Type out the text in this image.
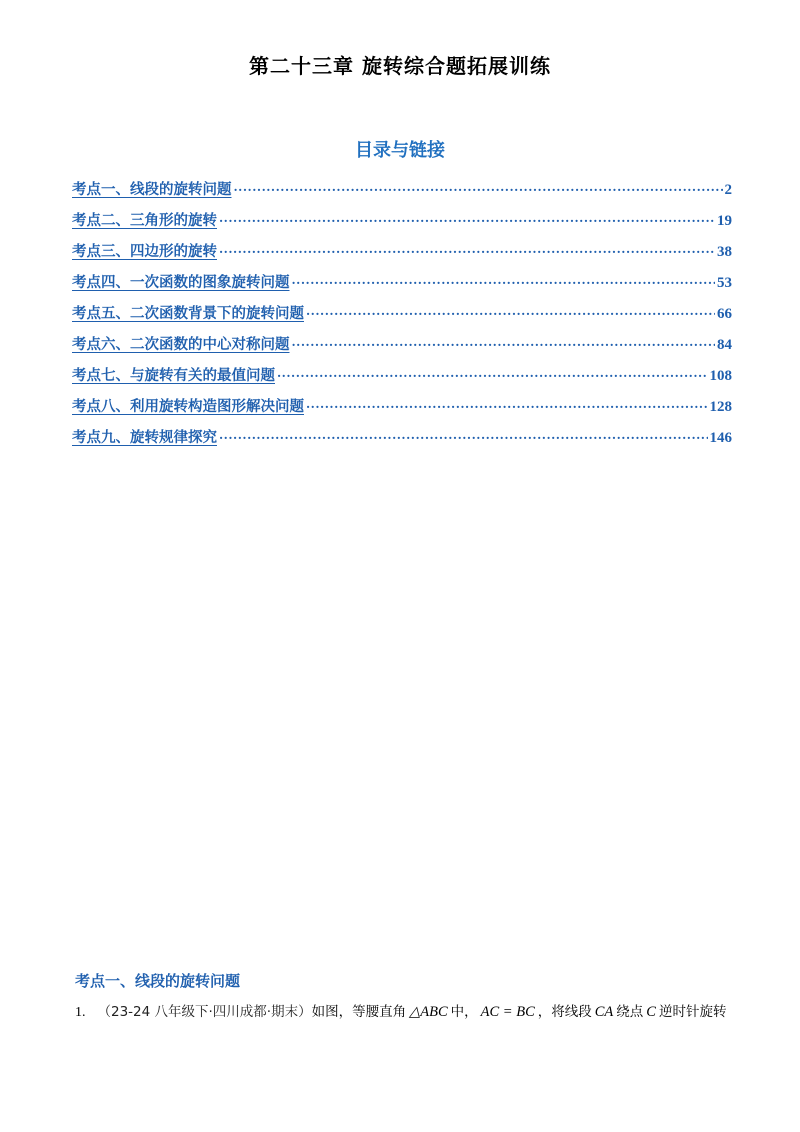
第二十三章 旋转综合题拓展训练
目录与链接
考点一、线段的旋转问题 ·····	2
考点二、三角形的旋转 ·····	19
考点三、四边形的旋转 ·····	38
考点四、一次函数的图象旋转问题 ·····	53
考点五、二次函数背景下的旋转问题 ·····	66
考点六、二次函数的中心对称问题 ·····	84
考点七、与旋转有关的最值问题 ·····	108
考点八、利用旋转构造图形解决问题 ·····	128
考点九、旋转规律探究 ·····	146
考点一、线段的旋转问题
1. （23-24 八年级下·四川成都·期末）如图，等腰直角 △ABC 中， AC = BC ，将线段 CA 绕点 C 逆时针旋转
